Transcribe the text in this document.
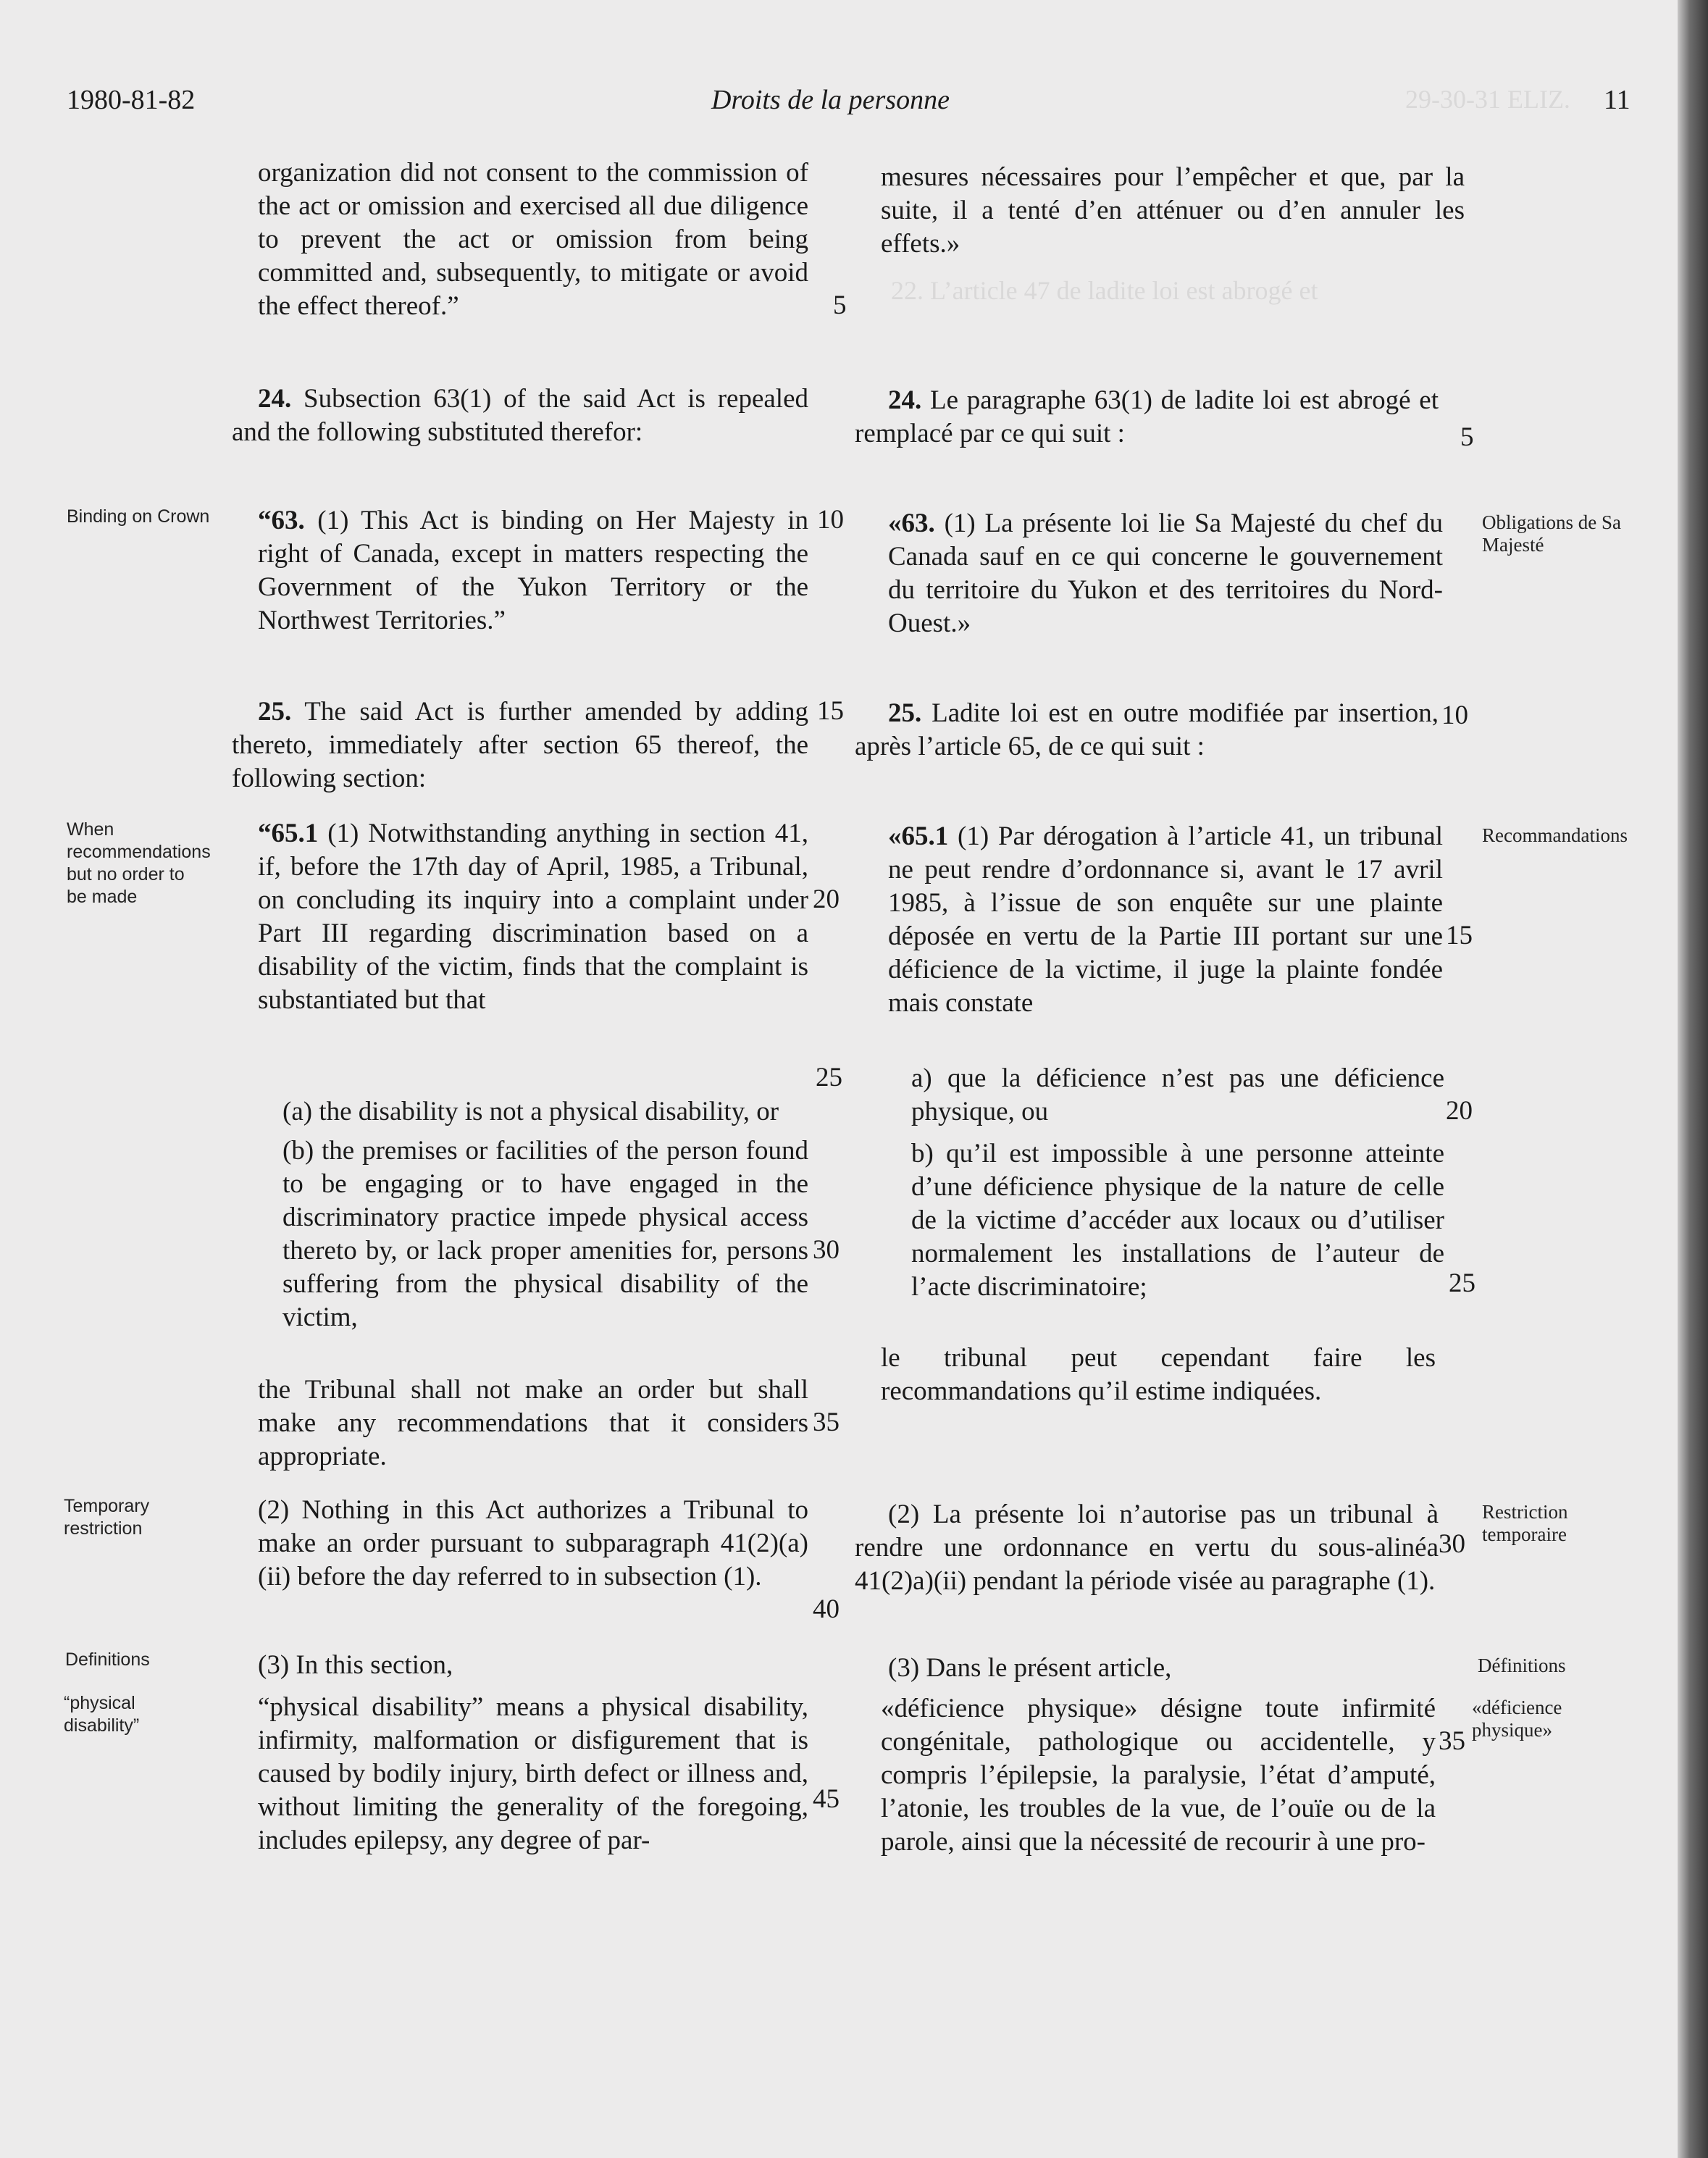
29-30-31 ELIZ.
22. L’article 47 de ladite loi est abrogé et
1980-81-82	Droits de la personne	11

organization did not consent to the commission of the act or omission and exercised all due diligence to prevent the act or omission from being committed and, subsequently, to mitigate or avoid the effect thereof.”

24. Subsection 63(1) of the said Act is repealed and the following substituted therefor:

“63. (1) This Act is binding on Her Majesty in right of Canada, except in matters respecting the Government of the Yukon Territory or the Northwest Territories.”

25. The said Act is further amended by adding thereto, immediately after section 65 thereof, the following section:

“65.1 (1) Notwithstanding anything in section 41, if, before the 17th day of April, 1985, a Tribunal, on concluding its inquiry into a complaint under Part III regarding discrimination based on a disability of the victim, finds that the complaint is substantiated but that

(a) the disability is not a physical disability, or

(b) the premises or facilities of the person found to be engaging or to have engaged in the discriminatory practice impede physical access thereto by, or lack proper amenities for, persons suffering from the physical disability of the victim,

the Tribunal shall not make an order but shall make any recommendations that it considers appropriate.

(2) Nothing in this Act authorizes a Tribunal to make an order pursuant to subparagraph 41(2)(a)(ii) before the day referred to in subsection (1).

(3) In this section,

“physical disability” means a physical disability, infirmity, malformation or disfigurement that is caused by bodily injury, birth defect or illness and, without limiting the generality of the foregoing, includes epilepsy, any degree of par-

mesures nécessaires pour l’empêcher et que, par la suite, il a tenté d’en atténuer ou d’en annuler les effets.»

24. Le paragraphe 63(1) de ladite loi est abrogé et remplacé par ce qui suit :

«63. (1) La présente loi lie Sa Majesté du chef du Canada sauf en ce qui concerne le gouvernement du territoire du Yukon et des territoires du Nord-Ouest.»

25. Ladite loi est en outre modifiée par insertion, après l’article 65, de ce qui suit :

«65.1 (1) Par dérogation à l’article 41, un tribunal ne peut rendre d’ordonnance si, avant le 17 avril 1985, à l’issue de son enquête sur une plainte déposée en vertu de la Partie III portant sur une déficience de la victime, il juge la plainte fondée mais constate

a) que la déficience n’est pas une déficience physique, ou

b) qu’il est impossible à une personne atteinte d’une déficience physique de la nature de celle de la victime d’accéder aux locaux ou d’utiliser normalement les installations de l’auteur de l’acte discriminatoire;

le tribunal peut cependant faire les recommandations qu’il estime indiquées.

(2) La présente loi n’autorise pas un tribunal à rendre une ordonnance en vertu du sous-alinéa 41(2)a)(ii) pendant la période visée au paragraphe (1).

(3) Dans le présent article,

«déficience physique» désigne toute infirmité congénitale, pathologique ou accidentelle, y compris l’épilepsie, la paralysie, l’état d’amputé, l’atonie, les troubles de la vue, de l’ouïe ou de la parole, ainsi que la nécessité de recourir à une pro-

5
10
15
20
25
30
35
40
45
5
10
15
20
25
30
35
Binding on Crown
When recommendations but no order to be made
Temporary restriction
Definitions
“physical disability”
Obligations de Sa Majesté
Recommandations
Restriction temporaire
Définitions
«déficience physique»
